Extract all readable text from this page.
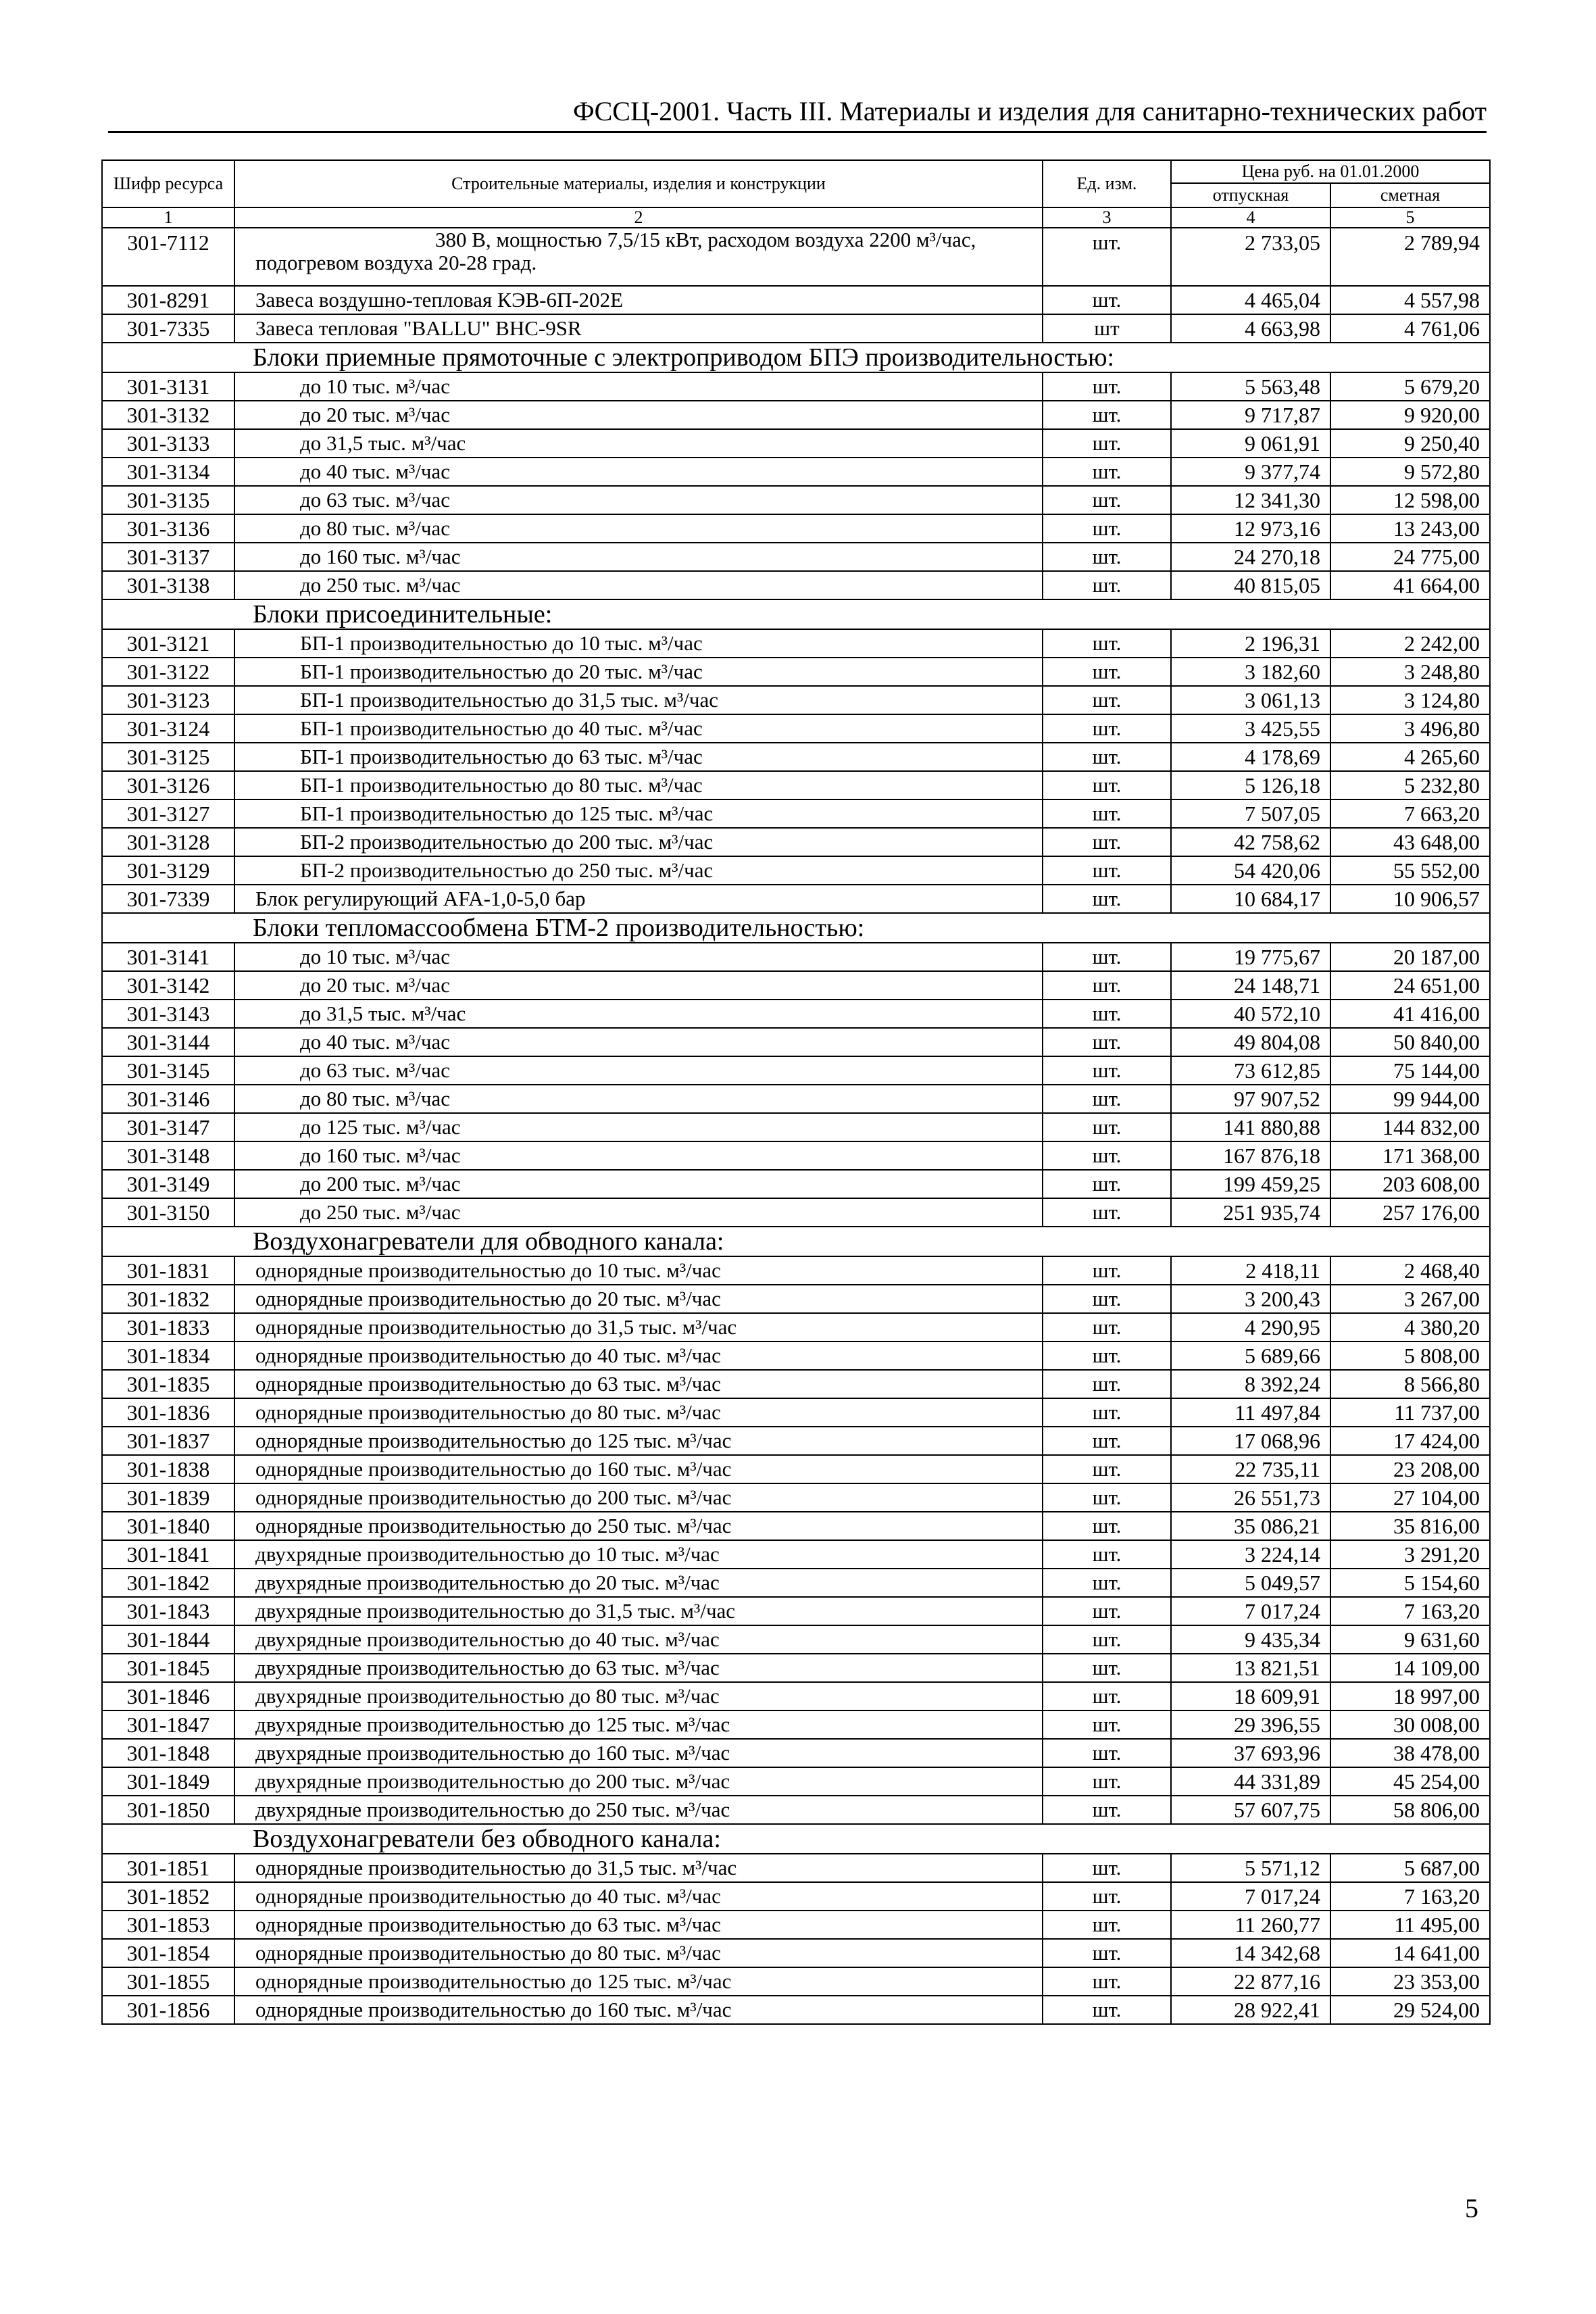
ФССЦ-2001. Часть III. Материалы и изделия для санитарно-технических работ
Шифр ресурса	Строительные материалы, изделия и конструкции	Ед. изм.	Цена руб. на 01.01.2000	
			отпускная	сметная
1	2	3	4	5
301-7112	380 В, мощностью 7,5/15 кВт, расходом воздуха 2200 м³/час,
подогревом воздуха 20-28 град.	шт.	2 733,05	2 789,94
301-8291	Завеса воздушно-тепловая КЭВ-6П-202Е	шт.	4 465,04	4 557,98
301-7335	Завеса тепловая "BALLU" ВНС-9SR	шт	4 663,98	4 761,06
Блоки приемные прямоточные с электроприводом БПЭ производительностью:				
301-3131	до 10 тыс. м³/час	шт.	5 563,48	5 679,20
301-3132	до 20 тыс. м³/час	шт.	9 717,87	9 920,00
301-3133	до 31,5 тыс. м³/час	шт.	9 061,91	9 250,40
301-3134	до 40 тыс. м³/час	шт.	9 377,74	9 572,80
301-3135	до 63 тыс. м³/час	шт.	12 341,30	12 598,00
301-3136	до 80 тыс. м³/час	шт.	12 973,16	13 243,00
301-3137	до 160 тыс. м³/час	шт.	24 270,18	24 775,00
301-3138	до 250 тыс. м³/час	шт.	40 815,05	41 664,00
Блоки присоединительные:				
301-3121	БП-1 производительностью до 10 тыс. м³/час	шт.	2 196,31	2 242,00
301-3122	БП-1 производительностью до 20 тыс. м³/час	шт.	3 182,60	3 248,80
301-3123	БП-1 производительностью до 31,5 тыс. м³/час	шт.	3 061,13	3 124,80
301-3124	БП-1 производительностью до 40 тыс. м³/час	шт.	3 425,55	3 496,80
301-3125	БП-1 производительностью до 63 тыс. м³/час	шт.	4 178,69	4 265,60
301-3126	БП-1 производительностью до 80 тыс. м³/час	шт.	5 126,18	5 232,80
301-3127	БП-1 производительностью до 125 тыс. м³/час	шт.	7 507,05	7 663,20
301-3128	БП-2 производительностью до 200 тыс. м³/час	шт.	42 758,62	43 648,00
301-3129	БП-2 производительностью до 250 тыс. м³/час	шт.	54 420,06	55 552,00
301-7339	Блок регулирующий AFA-1,0-5,0 бар	шт.	10 684,17	10 906,57
Блоки тепломассообмена БТМ-2 производительностью:				
301-3141	до 10 тыс. м³/час	шт.	19 775,67	20 187,00
301-3142	до 20 тыс. м³/час	шт.	24 148,71	24 651,00
301-3143	до 31,5 тыс. м³/час	шт.	40 572,10	41 416,00
301-3144	до 40 тыс. м³/час	шт.	49 804,08	50 840,00
301-3145	до 63 тыс. м³/час	шт.	73 612,85	75 144,00
301-3146	до 80 тыс. м³/час	шт.	97 907,52	99 944,00
301-3147	до 125 тыс. м³/час	шт.	141 880,88	144 832,00
301-3148	до 160 тыс. м³/час	шт.	167 876,18	171 368,00
301-3149	до 200 тыс. м³/час	шт.	199 459,25	203 608,00
301-3150	до 250 тыс. м³/час	шт.	251 935,74	257 176,00
Воздухонагреватели для обводного канала:				
301-1831	однорядные производительностью до 10 тыс. м³/час	шт.	2 418,11	2 468,40
301-1832	однорядные производительностью до 20 тыс. м³/час	шт.	3 200,43	3 267,00
301-1833	однорядные производительностью до 31,5 тыс. м³/час	шт.	4 290,95	4 380,20
301-1834	однорядные производительностью до 40 тыс. м³/час	шт.	5 689,66	5 808,00
301-1835	однорядные производительностью до 63 тыс. м³/час	шт.	8 392,24	8 566,80
301-1836	однорядные производительностью до 80 тыс. м³/час	шт.	11 497,84	11 737,00
301-1837	однорядные производительностью до 125 тыс. м³/час	шт.	17 068,96	17 424,00
301-1838	однорядные производительностью до 160 тыс. м³/час	шт.	22 735,11	23 208,00
301-1839	однорядные производительностью до 200 тыс. м³/час	шт.	26 551,73	27 104,00
301-1840	однорядные производительностью до 250 тыс. м³/час	шт.	35 086,21	35 816,00
301-1841	двухрядные производительностью до 10 тыс. м³/час	шт.	3 224,14	3 291,20
301-1842	двухрядные производительностью до 20 тыс. м³/час	шт.	5 049,57	5 154,60
301-1843	двухрядные производительностью до 31,5 тыс. м³/час	шт.	7 017,24	7 163,20
301-1844	двухрядные производительностью до 40 тыс. м³/час	шт.	9 435,34	9 631,60
301-1845	двухрядные производительностью до 63 тыс. м³/час	шт.	13 821,51	14 109,00
301-1846	двухрядные производительностью до 80 тыс. м³/час	шт.	18 609,91	18 997,00
301-1847	двухрядные производительностью до 125 тыс. м³/час	шт.	29 396,55	30 008,00
301-1848	двухрядные производительностью до 160 тыс. м³/час	шт.	37 693,96	38 478,00
301-1849	двухрядные производительностью до 200 тыс. м³/час	шт.	44 331,89	45 254,00
301-1850	двухрядные производительностью до 250 тыс. м³/час	шт.	57 607,75	58 806,00
Воздухонагреватели без обводного канала:				
301-1851	однорядные производительностью до 31,5 тыс. м³/час	шт.	5 571,12	5 687,00
301-1852	однорядные производительностью до 40 тыс. м³/час	шт.	7 017,24	7 163,20
301-1853	однорядные производительностью до 63 тыс. м³/час	шт.	11 260,77	11 495,00
301-1854	однорядные производительностью до 80 тыс. м³/час	шт.	14 342,68	14 641,00
301-1855	однорядные производительностью до 125 тыс. м³/час	шт.	22 877,16	23 353,00
301-1856	однорядные производительностью до 160 тыс. м³/час	шт.	28 922,41	29 524,00
5
